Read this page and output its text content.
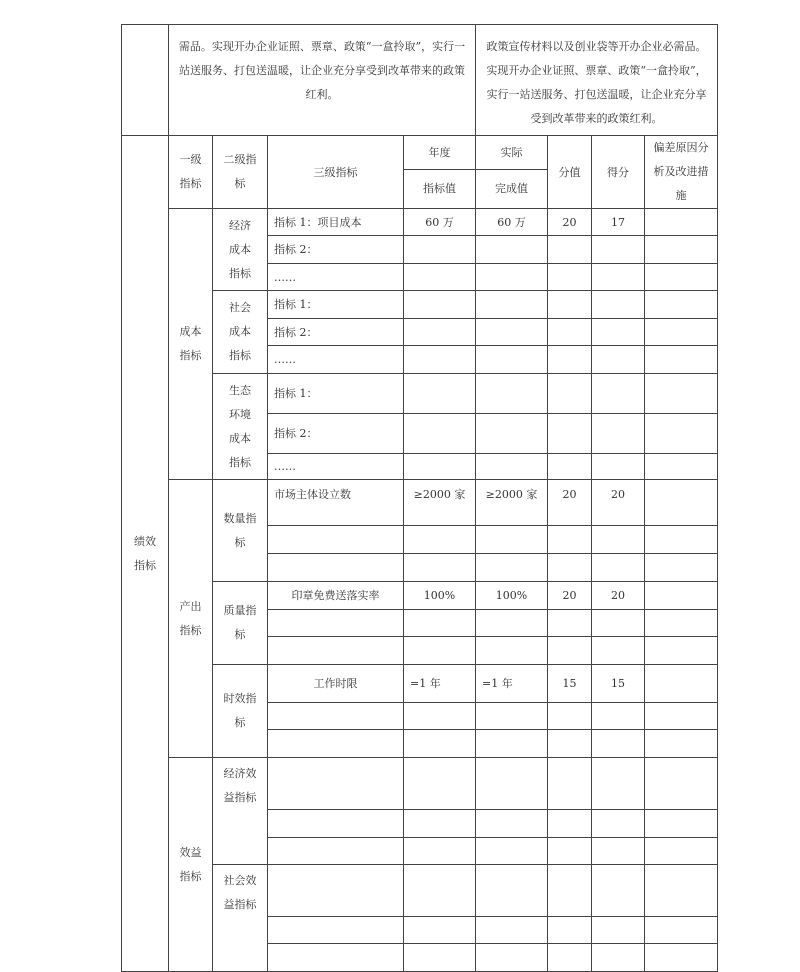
	需品。实现开办企业证照、票章、政策“一盒拎取”，实行一站送服务、打包送温暖，让企业充分享受到改革带来的政策红利。				政策宣传材料以及创业袋等开办企业必需品。实现开办企业证照、票章、政策“一盒拎取”，实行一站送服务、打包送温暖，让企业充分享受到改革带来的政策红利。			

绩效指标	一级指标	二级指标	三级指标	年度	实际	分值	得分	偏差原因分析及改进措施
				指标值	完成值			
	成本指标	经济成本指标	指标 1：项目成本	60 万	60 万	20	17	
			指标 2：					
			……					
		社会成本指标	指标 1：					
			指标 2：					
			……					
		生态环境成本指标	指标 1：					
			指标 2：					
			……					
	产出指标	数量指标	市场主体设立数	≥2000 家	≥2000 家	20	20	

		质量指标	印章免费送落实率	100%	100%	20	20	

		时效指标	工作时限	=1 年	=1 年	15	15	

	效益指标	经济效益指标						

		社会效益指标						
